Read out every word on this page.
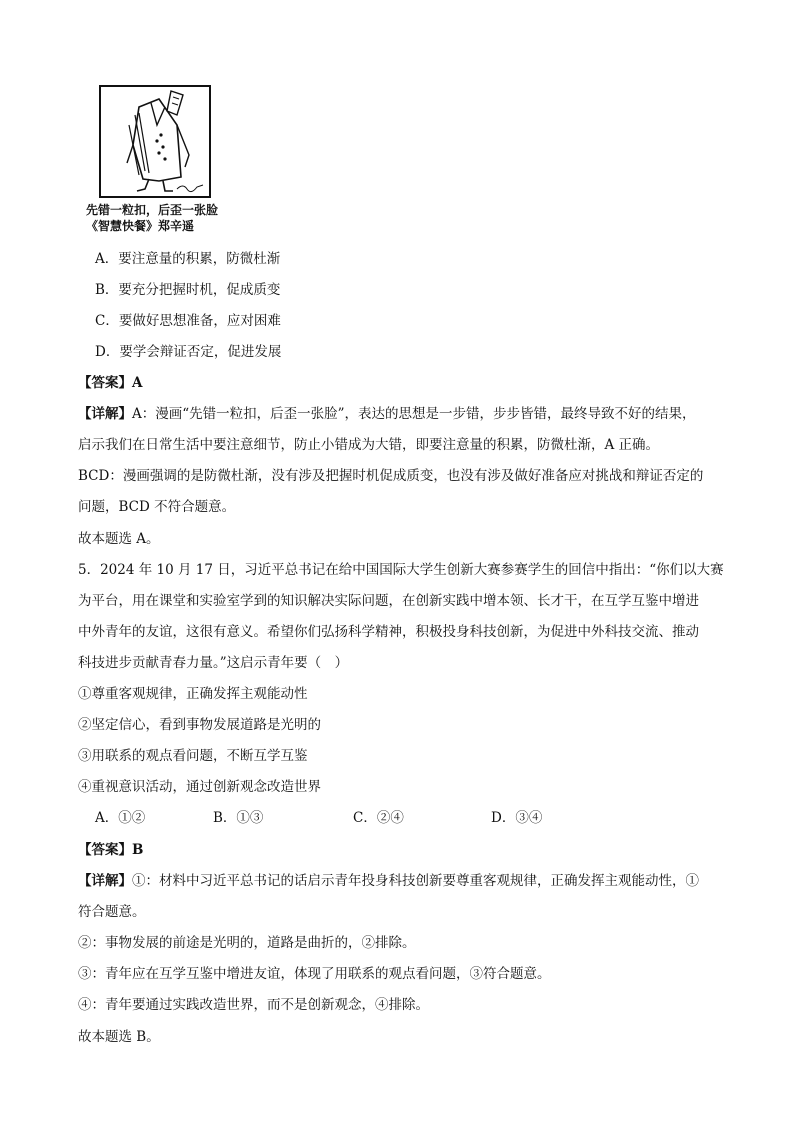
先错一粒扣，后歪一张脸
《智慧快餐》郑辛遥
A．要注意量的积累，防微杜渐
B．要充分把握时机，促成质变
C．要做好思想准备，应对困难
D．要学会辩证否定，促进发展
【答案】A
【详解】A：漫画“先错一粒扣，后歪一张脸”，表达的思想是一步错，步步皆错，最终导致不好的结果，
启示我们在日常生活中要注意细节，防止小错成为大错，即要注意量的积累，防微杜渐，A 正确。
BCD：漫画强调的是防微杜渐，没有涉及把握时机促成质变，也没有涉及做好准备应对挑战和辩证否定的
问题，BCD 不符合题意。
故本题选 A。
5．2024 年 10 月 17 日，习近平总书记在给中国国际大学生创新大赛参赛学生的回信中指出：“你们以大赛
为平台，用在课堂和实验室学到的知识解决实际问题，在创新实践中增本领、长才干，在互学互鉴中增进
中外青年的友谊，这很有意义。希望你们弘扬科学精神，积极投身科技创新，为促进中外科技交流、推动
科技进步贡献青春力量。”这启示青年要（　）
①尊重客观规律，正确发挥主观能动性
②坚定信心，看到事物发展道路是光明的
③用联系的观点看问题，不断互学互鉴
④重视意识活动，通过创新观念改造世界
A．①②	B．①③	C．②④	D．③④
【答案】B
【详解】①：材料中习近平总书记的话启示青年投身科技创新要尊重客观规律，正确发挥主观能动性，①
符合题意。
②：事物发展的前途是光明的，道路是曲折的，②排除。
③：青年应在互学互鉴中增进友谊，体现了用联系的观点看问题，③符合题意。
④：青年要通过实践改造世界，而不是创新观念，④排除。
故本题选 B。
